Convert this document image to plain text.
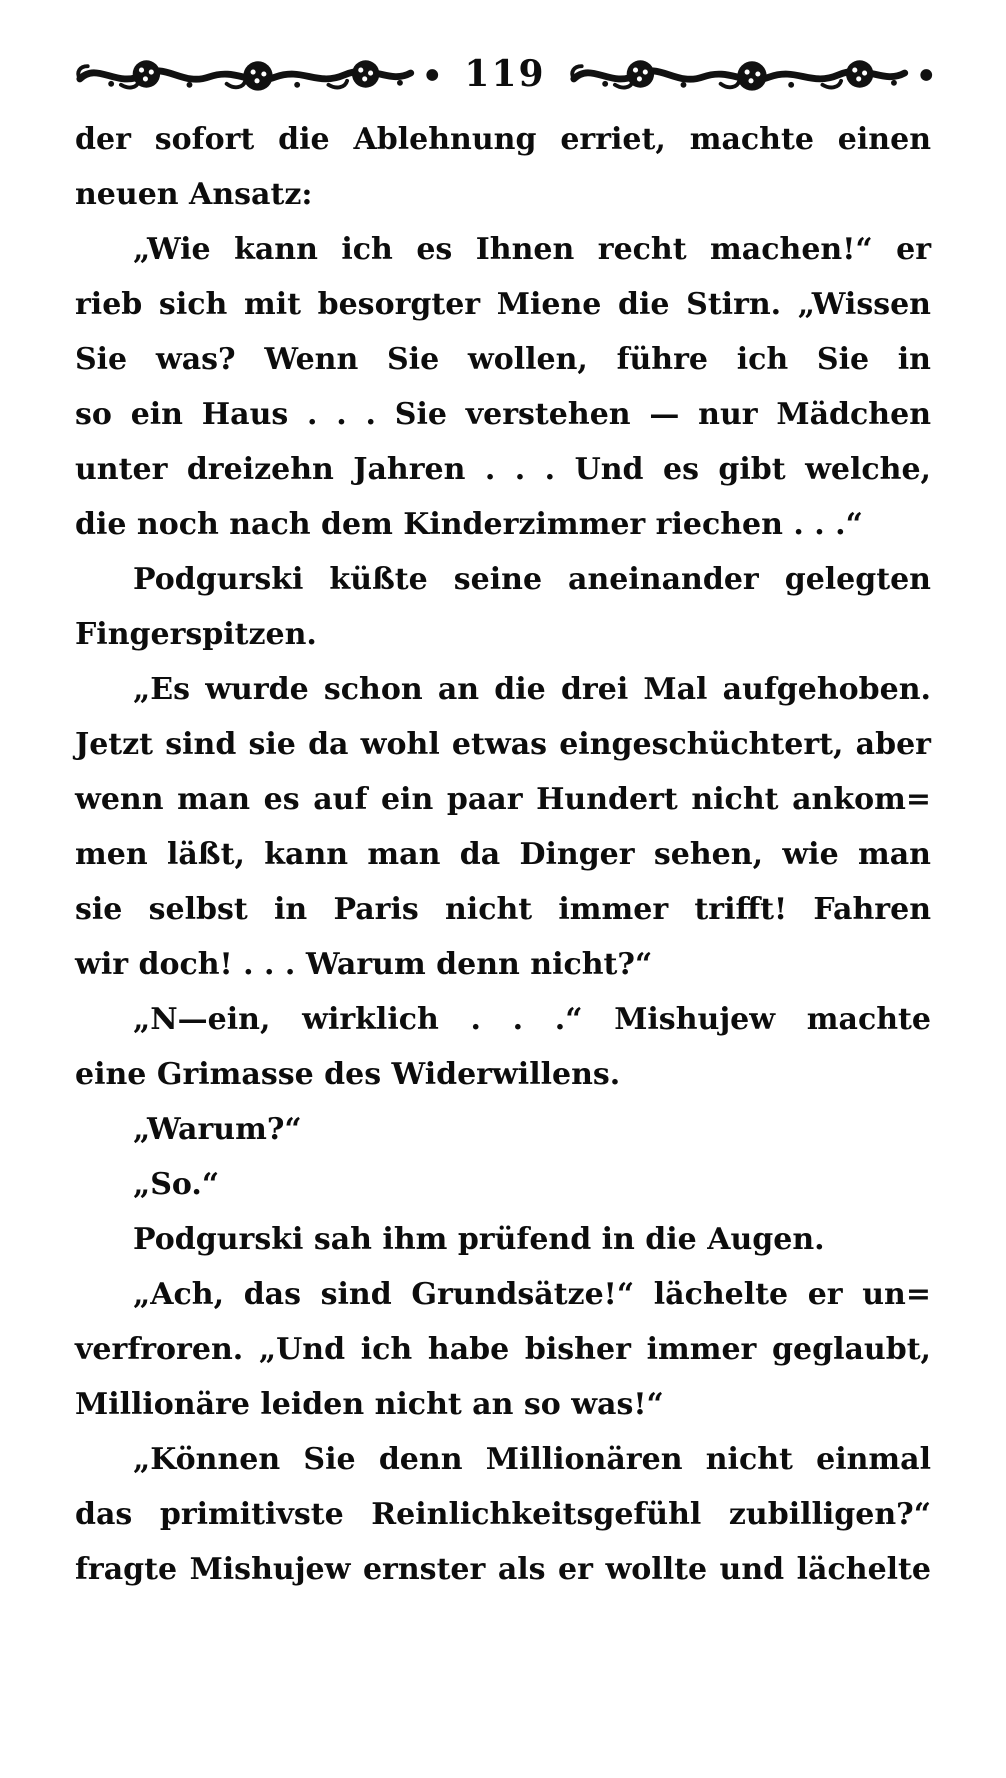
119
der sofort die Ablehnung erriet, machte einen
neuen Ansatz:
„Wie kann ich es Ihnen recht machen!“ er
rieb sich mit besorgter Miene die Stirn. „Wissen
Sie was? Wenn Sie wollen, führe ich Sie in
so ein Haus . . . Sie verstehen — nur Mädchen
unter dreizehn Jahren . . . Und es gibt welche,
die noch nach dem Kinderzimmer riechen . . .“
Podgurski küßte seine aneinander gelegten
Fingerspitzen.
„Es wurde schon an die drei Mal aufgehoben.
Jetzt sind sie da wohl etwas eingeschüchtert, aber
wenn man es auf ein paar Hundert nicht ankom=
men läßt, kann man da Dinger sehen, wie man
sie selbst in Paris nicht immer trifft! Fahren
wir doch! . . . Warum denn nicht?“
„N—ein, wirklich . . .“ Mishujew machte
eine Grimasse des Widerwillens.
„Warum?“
„So.“
Podgurski sah ihm prüfend in die Augen.
„Ach, das sind Grundsätze!“ lächelte er un=
verfroren. „Und ich habe bisher immer geglaubt,
Millionäre leiden nicht an so was!“
„Können Sie denn Millionären nicht einmal
das primitivste Reinlichkeitsgefühl zubilligen?“
fragte Mishujew ernster als er wollte und lächelte
